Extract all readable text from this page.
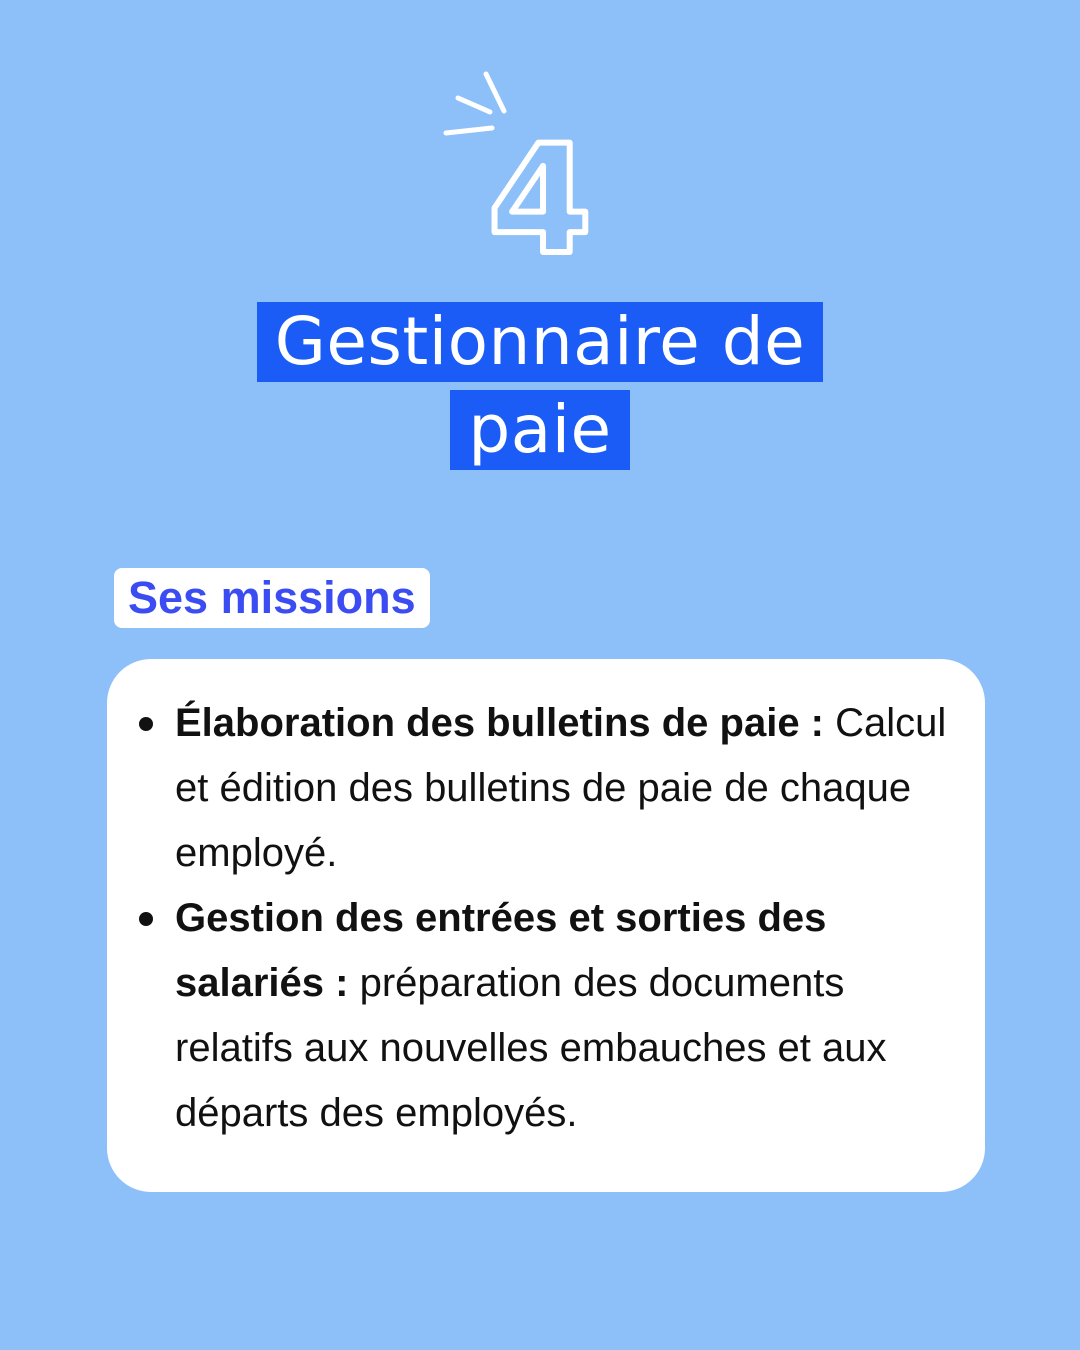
4
Gestionnaire de
paie
Ses missions
Élaboration des bulletins de paie : Calcul et édition des bulletins de paie de chaque employé.
Gestion des entrées et sorties des salariés : préparation des documents relatifs aux nouvelles embauches et aux départs des employés.
